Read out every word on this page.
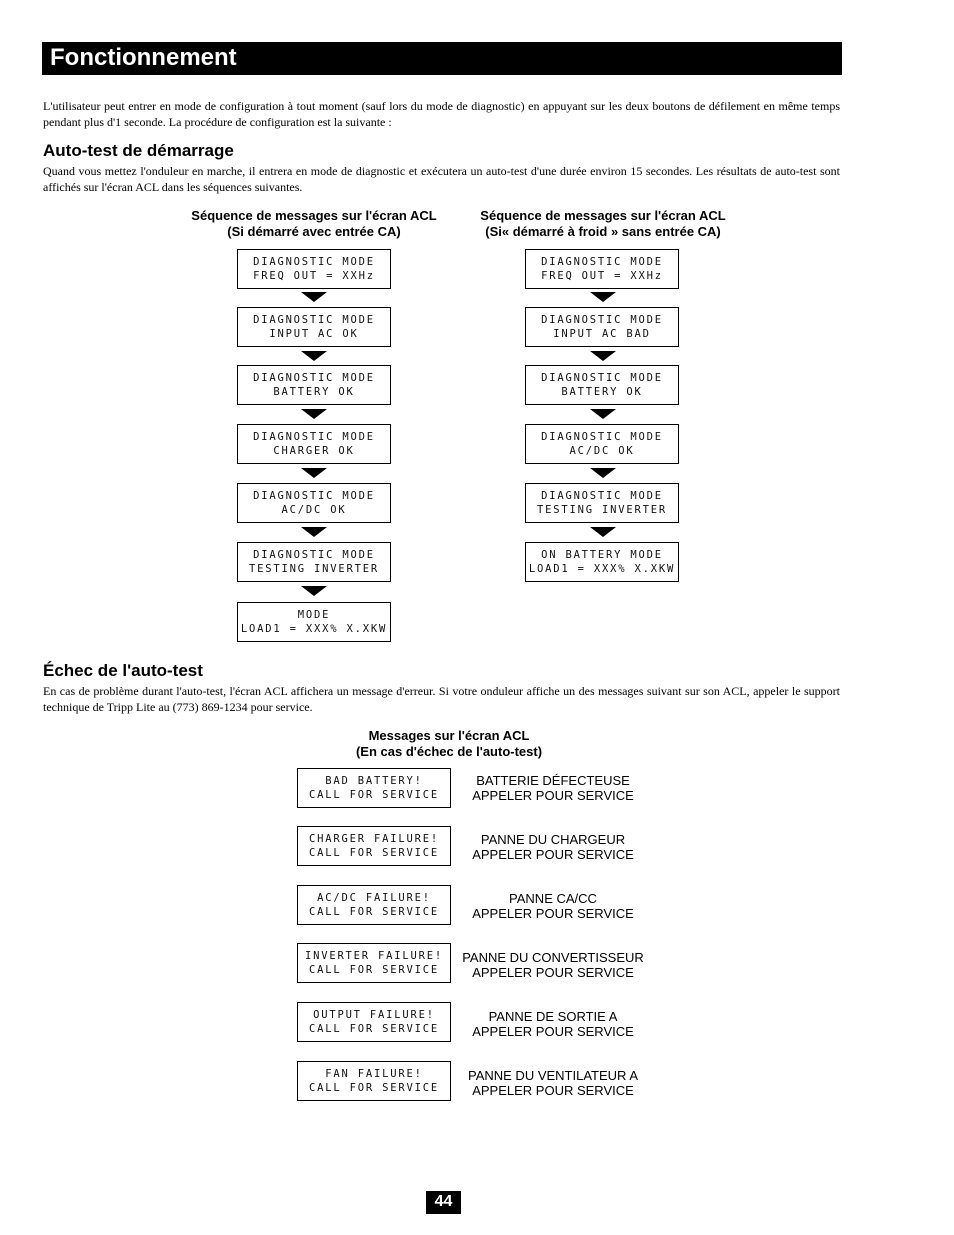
Fonctionnement

L'utilisateur peut entrer en mode de configuration à tout moment (sauf lors du mode de diagnostic) en appuyant sur les deux boutons de défilement en même temps pendant plus d'1 seconde. La procédure de configuration est la suivante :

Auto-test de démarrage

Quand vous mettez l'onduleur en marche, il entrera en mode de diagnostic et exécutera un auto-test d'une durée environ 15 secondes. Les résultats de auto-test sont affichés sur l'écran ACL dans les séquences suivantes.

Séquence de messages sur l'écran ACL
(Si démarré avec entrée CA)
DIAGNOSTIC MODE
FREQ OUT = XXHz
DIAGNOSTIC MODE
INPUT AC OK
DIAGNOSTIC MODE
BATTERY OK
DIAGNOSTIC MODE
CHARGER OK
DIAGNOSTIC MODE
AC/DC OK
DIAGNOSTIC MODE
TESTING INVERTER
MODE
LOAD1 = XXX% X.XKW
Séquence de messages sur l'écran ACL
(Si« démarré à froid » sans entrée CA)
DIAGNOSTIC MODE
FREQ OUT = XXHz
DIAGNOSTIC MODE
INPUT AC BAD
DIAGNOSTIC MODE
BATTERY OK
DIAGNOSTIC MODE
AC/DC OK
DIAGNOSTIC MODE
TESTING INVERTER
ON BATTERY MODE
LOAD1 = XXX% X.XKW
Échec de l'auto-test

En cas de problème durant l'auto-test, l'écran ACL affichera un message d'erreur. Si votre onduleur affiche un des messages suivant sur son ACL, appeler le support technique de Tripp Lite au (773) 869-1234 pour service.

Messages sur l'écran ACL
(En cas d'échec de l'auto-test)
BAD BATTERY!
CALL FOR SERVICE
BATTERIE DÉFECTEUSE
APPELER POUR SERVICE
CHARGER FAILURE!
CALL FOR SERVICE
PANNE DU CHARGEUR
APPELER POUR SERVICE
AC/DC FAILURE!
CALL FOR SERVICE
PANNE CA/CC
APPELER POUR SERVICE
INVERTER FAILURE!
CALL FOR SERVICE
PANNE DU CONVERTISSEUR
APPELER POUR SERVICE
OUTPUT FAILURE!
CALL FOR SERVICE
PANNE DE SORTIE A
APPELER POUR SERVICE
FAN FAILURE!
CALL FOR SERVICE
PANNE DU VENTILATEUR A
APPELER POUR SERVICE
44
